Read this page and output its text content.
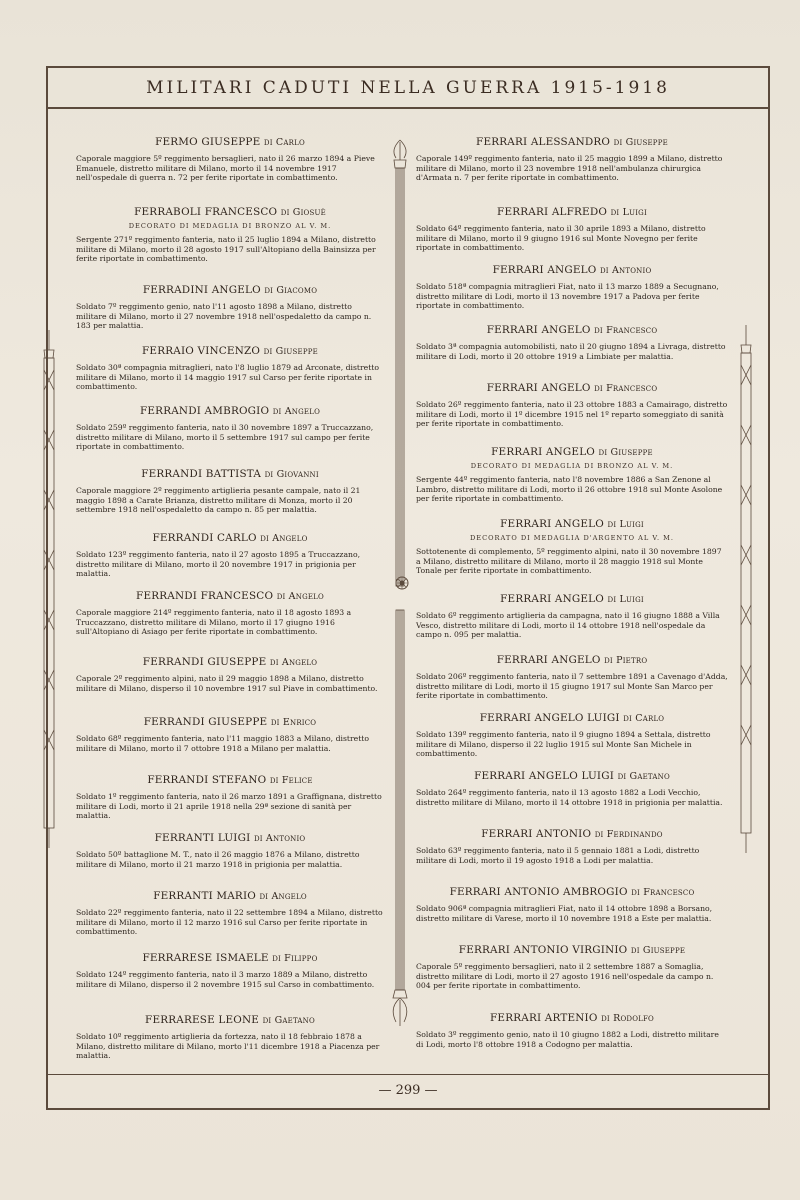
MILITARI CADUTI NELLA GUERRA 1915-1918
FERMO GIUSEPPE di Carlo
Caporale maggiore 5º reggimento bersaglieri, nato il 26 marzo 1894 a Pieve Emanuele, distretto militare di Milano, morto il 14 novembre 1917 nell'ospedale di guerra n. 72 per ferite riportate in combattimento.
FERRABOLI FRANCESCO di Giosuè
DECORATO DI MEDAGLIA DI BRONZO AL V. M.
Sergente 271º reggimento fanteria, nato il 25 luglio 1894 a Milano, distretto militare di Milano, morto il 28 agosto 1917 sull'Altopiano della Bainsizza per ferite riportate in combattimento.
FERRADINI ANGELO di Giacomo
Soldato 7º reggimento genio, nato l'11 agosto 1898 a Milano, distretto militare di Milano, morto il 27 novembre 1918 nell'ospedaletto da campo n. 183 per malattia.
FERRAIO VINCENZO di Giuseppe
Soldato 30ª compagnia mitraglieri, nato l'8 luglio 1879 ad Arconate, distretto militare di Milano, morto il 14 maggio 1917 sul Carso per ferite riportate in combattimento.
FERRANDI AMBROGIO di Angelo
Soldato 259º reggimento fanteria, nato il 30 novembre 1897 a Truccazzano, distretto militare di Milano, morto il 5 settembre 1917 sul campo per ferite riportate in combattimento.
FERRANDI BATTISTA di Giovanni
Caporale maggiore 2º reggimento artiglieria pesante campale, nato il 21 maggio 1898 a Carate Brianza, distretto militare di Monza, morto il 20 settembre 1918 nell'ospedaletto da campo n. 85 per malattia.
FERRANDI CARLO di Angelo
Soldato 123º reggimento fanteria, nato il 27 agosto 1895 a Truccazzano, distretto militare di Milano, morto il 20 novembre 1917 in prigionia per malattia.
FERRANDI FRANCESCO di Angelo
Caporale maggiore 214º reggimento fanteria, nato il 18 agosto 1893 a Truccazzano, distretto militare di Milano, morto il 17 giugno 1916 sull'Altopiano di Asiago per ferite riportate in combattimento.
FERRANDI GIUSEPPE di Angelo
Caporale 2º reggimento alpini, nato il 29 maggio 1898 a Milano, distretto militare di Milano, disperso il 10 novembre 1917 sul Piave in combattimento.
FERRANDI GIUSEPPE di Enrico
Soldato 68º reggimento fanteria, nato l'11 maggio 1883 a Milano, distretto militare di Milano, morto il 7 ottobre 1918 a Milano per malattia.
FERRANDI STEFANO di Felice
Soldato 1º reggimento fanteria, nato il 26 marzo 1891 a Graffignana, distretto militare di Lodi, morto il 21 aprile 1918 nella 29ª sezione di sanità per malattia.
FERRANTI LUIGI di Antonio
Soldato 50º battaglione M. T., nato il 26 maggio 1876 a Milano, distretto militare di Milano, morto il 21 marzo 1918 in prigionia per malattia.
FERRANTI MARIO di Angelo
Soldato 22º reggimento fanteria, nato il 22 settembre 1894 a Milano, distretto militare di Milano, morto il 12 marzo 1916 sul Carso per ferite riportate in combattimento.
FERRARESE ISMAELE di Filippo
Soldato 124º reggimento fanteria, nato il 3 marzo 1889 a Milano, distretto militare di Milano, disperso il 2 novembre 1915 sul Carso in combattimento.
FERRARESE LEONE di Gaetano
Soldato 10º reggimento artiglieria da fortezza, nato il 18 febbraio 1878 a Milano, distretto militare di Milano, morto l'11 dicembre 1918 a Piacenza per malattia.
FERRARI ALESSANDRO di Giuseppe
Caporale 149º reggimento fanteria, nato il 25 maggio 1899 a Milano, distretto militare di Milano, morto il 23 novembre 1918 nell'ambulanza chirurgica d'Armata n. 7 per ferite riportate in combattimento.
FERRARI ALFREDO di Luigi
Soldato 64º reggimento fanteria, nato il 30 aprile 1893 a Milano, distretto militare di Milano, morto il 9 giugno 1916 sul Monte Novegno per ferite riportate in combattimento.
FERRARI ANGELO di Antonio
Soldato 518ª compagnia mitraglieri Fiat, nato il 13 marzo 1889 a Secugnano, distretto militare di Lodi, morto il 13 novembre 1917 a Padova per ferite riportate in combattimento.
FERRARI ANGELO di Francesco
Soldato 3ª compagnia automobilisti, nato il 20 giugno 1894 a Livraga, distretto militare di Lodi, morto il 20 ottobre 1919 a Limbiate per malattia.
FERRARI ANGELO di Francesco
Soldato 26º reggimento fanteria, nato il 23 ottobre 1883 a Camairago, distretto militare di Lodi, morto il 1º dicembre 1915 nel 1º reparto someggiato di sanità per ferite riportate in combattimento.
FERRARI ANGELO di Giuseppe
DECORATO DI MEDAGLIA DI BRONZO AL V. M.
Sergente 44º reggimento fanteria, nato l'8 novembre 1886 a San Zenone al Lambro, distretto militare di Lodi, morto il 26 ottobre 1918 sul Monte Asolone per ferite riportate in combattimento.
FERRARI ANGELO di Luigi
DECORATO DI MEDAGLIA D'ARGENTO AL V. M.
Sottotenente di complemento, 5º reggimento alpini, nato il 30 novembre 1897 a Milano, distretto militare di Milano, morto il 28 maggio 1918 sul Monte Tonale per ferite riportate in combattimento.
FERRARI ANGELO di Luigi
Soldato 6º reggimento artiglieria da campagna, nato il 16 giugno 1888 a Villa Vesco, distretto militare di Lodi, morto il 14 ottobre 1918 nell'ospedale da campo n. 095 per malattia.
FERRARI ANGELO di Pietro
Soldato 206º reggimento fanteria, nato il 7 settembre 1891 a Cavenago d'Adda, distretto militare di Lodi, morto il 15 giugno 1917 sul Monte San Marco per ferite riportate in combattimento.
FERRARI ANGELO LUIGI di Carlo
Soldato 139º reggimento fanteria, nato il 9 giugno 1894 a Settala, distretto militare di Milano, disperso il 22 luglio 1915 sul Monte San Michele in combattimento.
FERRARI ANGELO LUIGI di Gaetano
Soldato 264º reggimento fanteria, nato il 13 agosto 1882 a Lodi Vecchio, distretto militare di Milano, morto il 14 ottobre 1918 in prigionia per malattia.
FERRARI ANTONIO di Ferdinando
Soldato 63º reggimento fanteria, nato il 5 gennaio 1881 a Lodi, distretto militare di Lodi, morto il 19 agosto 1918 a Lodi per malattia.
FERRARI ANTONIO AMBROGIO di Francesco
Soldato 906ª compagnia mitraglieri Fiat, nato il 14 ottobre 1898 a Borsano, distretto militare di Varese, morto il 10 novembre 1918 a Este per malattia.
FERRARI ANTONIO VIRGINIO di Giuseppe
Caporale 5º reggimento bersaglieri, nato il 2 settembre 1887 a Somaglia, distretto militare di Lodi, morto il 27 agosto 1916 nell'ospedale da campo n. 004 per ferite riportate in combattimento.
FERRARI ARTENIO di Rodolfo
Soldato 3º reggimento genio, nato il 10 giugno 1882 a Lodi, distretto militare di Lodi, morto l'8 ottobre 1918 a Codogno per malattia.
— 299 —
